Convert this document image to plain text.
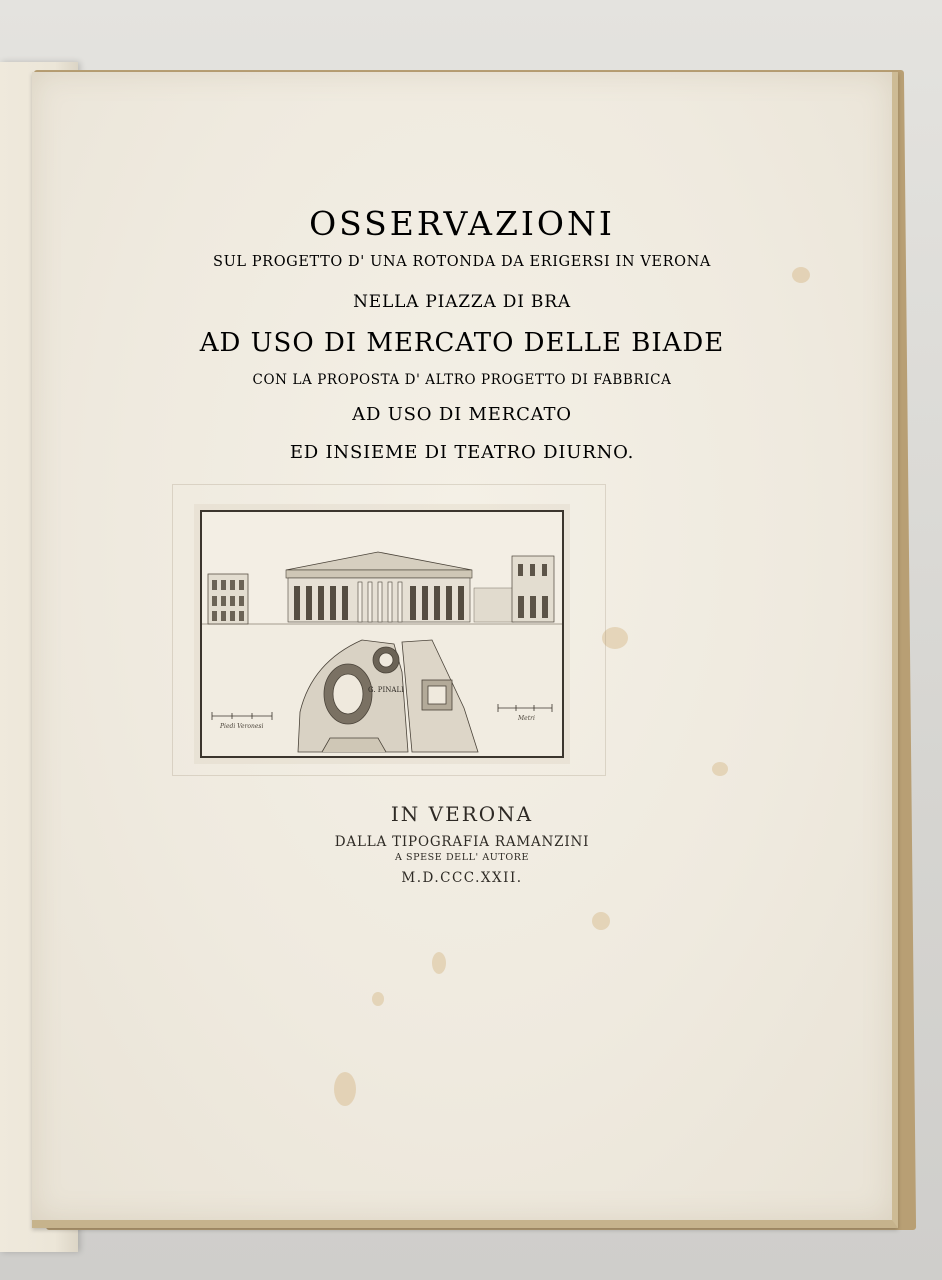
OSSERVAZIONI
SUL PROGETTO D' UNA ROTONDA DA ERIGERSI IN VERONA
NELLA PIAZZA DI BRA
AD USO DI MERCATO DELLE BIADE
CON LA PROPOSTA D' ALTRO PROGETTO DI FABBRICA
AD USO DI MERCATO
ED INSIEME DI TEATRO DIURNO.
G. PINALI
Piedi Veronesi
Metri
IN VERONA
DALLA TIPOGRAFIA RAMANZINI
A SPESE DELL' AUTORE
M.D.CCC.XXII.
